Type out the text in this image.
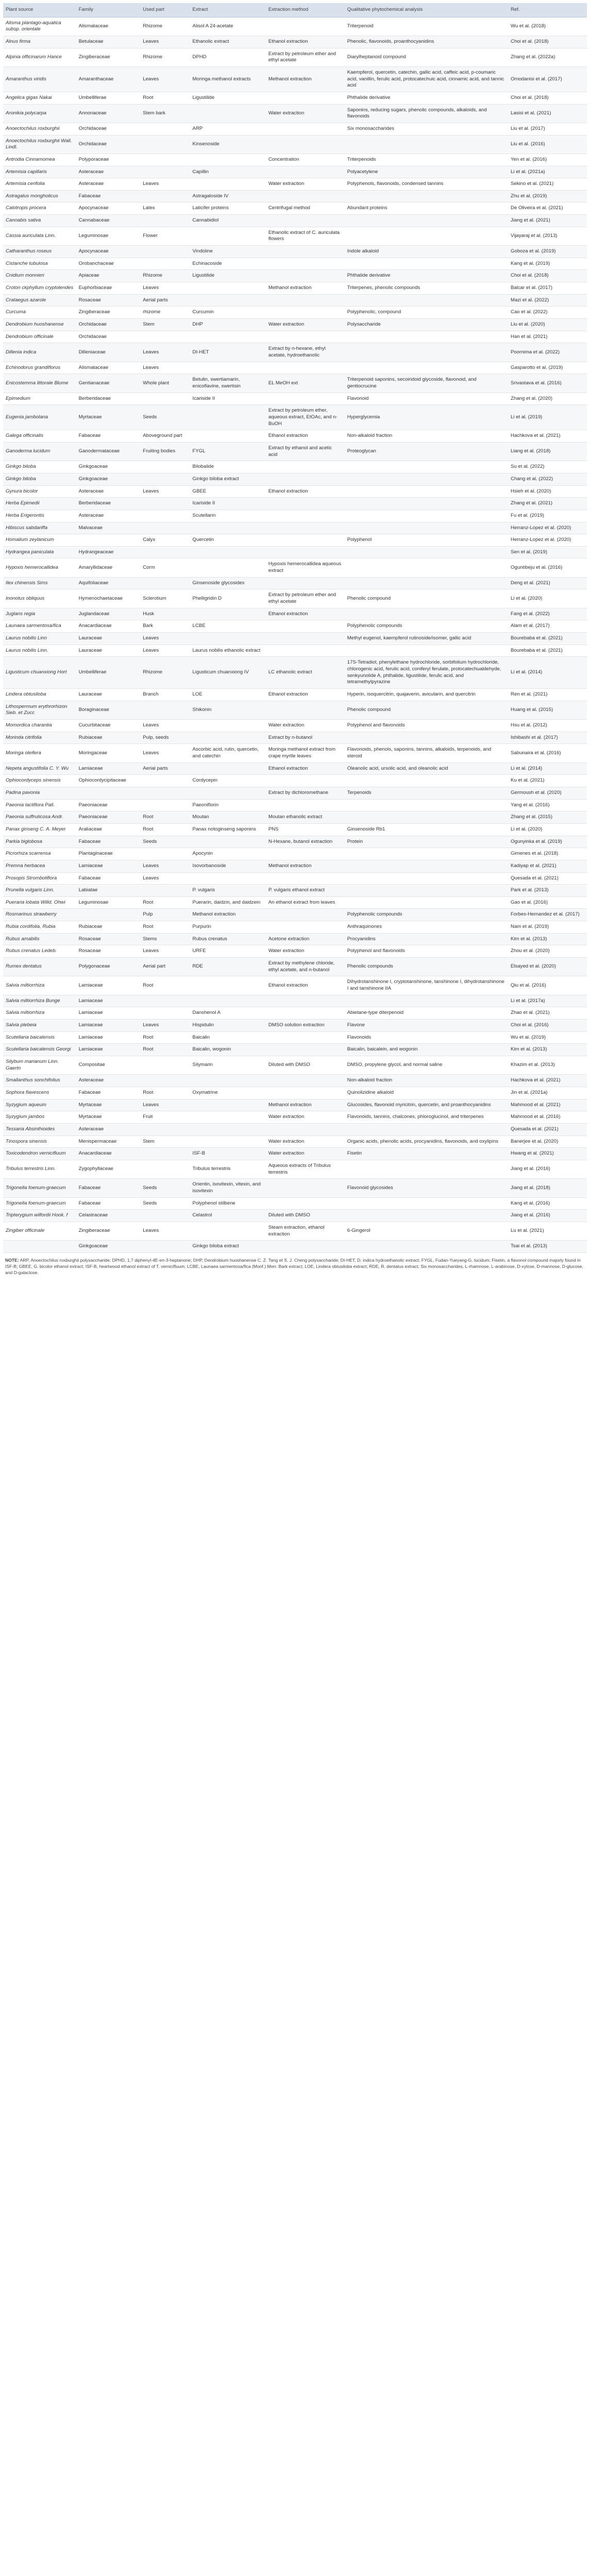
Plant source	Family	Used part	Extract	Extraction method	Qualitative phytochemical analysis	Ref.
Alisma plantago-aquatica subsp. orientale	Alismataceae	Rhizome	Alisol A 24-acetate		Triterpenoid	Wu et al. (2018)
Alnus firma	Betulaceae	Leaves	Ethanolic extract	Ethanol extraction	Phenolic, flavonoids, proanthocyanidins	Choi et al. (2018)
Alpinia officinarum Hance	Zingiberaceae	Rhizome	DPHD	Extract by petroleum ether and ethyl acetate	Diarylheptanoid compound	Zhang et al. (2022a)
Amaranthus viridis	Amaranthaceae	Leaves	Moringa methanol extracts	Methanol extraction	Kaempferol, quercetin, catechin, gallic acid, caffeic acid, p-coumaric acid, vanillin, ferulic acid, protocatechuic acid, cinnamic acid, and tannic acid	Omodanisi et al. (2017)
Angelica gigas Nakai	Umbelliferae	Root	Ligustilide		Phthalide derivative	Choi et al. (2018)
Aronikia polycarpa	Annonaceae	Stem bark		Water extraction	Saponins, reducing sugars, phenolic compounds, alkaloids, and flavonoids	Lasisi et al. (2021)
Anoectochilus roxburghii	Orchidaceae		ARP		Six monosaccharides	Liu et al. (2017)
Anoectochilus roxburghii Wall. Lindl.	Orchidaceae		Kinsenoside			Liu et al. (2016)
Antrodia Cinnamomea	Polyporaceae			Concentration	Triterpenoids	Yen et al. (2016)
Artemisia capillaris	Asteraceae		Capillin		Polyacetylene	Li et al. (2021a)
Artemisia cerifolia	Asteraceae	Leaves		Water extraction	Polyphenols, flavonoids, condensed tannins	Sekino et al. (2021)
Astragalus mongholicus	Fabaceae		Astragaloside IV			Zhu et al. (2019)
Calotropis procera	Apocynaceae	Latex	Laticifer proteins	Centrifugal method	Abundant proteins	De Oliveira et al. (2021)
Cannabis sativa	Cannabaceae		Cannabidiol			Jiang et al. (2021)
Cassia auriculata Linn.	Leguminosae	Flower		Ethanolic extract of C. auriculata flowers		Vijayaraj et al. (2013)
Catharanthus roseus	Apocynaceae		Vindoline		Indole alkaloid	Goboza et al. (2019)
Cistanche tubulosa	Orobanchaceae		Echinacoside			Kang et al. (2019)
Cnidium monnieri	Apiaceae	Rhizome	Ligustilide		Phthalide derivative	Choi et al. (2018)
Croton ckphyllum cryptolendes	Euphorbiaceae	Leaves		Methanol extraction	Triterpenes, phenolic compounds	Balcar et al. (2017)
Crataegus azarole	Rosaceae	Aerial parts				Mazi et al. (2022)
Curcuma	Zingiberaceae	rhizome	Curcumin		Polyphenolic, compound	Cao et al. (2022)
Dendrobium huoshanense	Orchidaceae	Stem	DHP	Water extraction	Polysaccharide	Liu et al. (2020)
Dendrobium officinale	Orchidaceae					Han et al. (2021)
Dillenia indica	Dilleniaceae	Leaves	DI-HET	Extract by n-hexane, ethyl acetate, hydroethanolic		Poornima et al. (2022)
Echinodorus grandiflorus	Alismataceae	Leaves				Gasparotto et al. (2019)
Enicostemma littorale Blume	Gentianaceae	Whole plant	Betulin, swertiamarin, enicoflavine, swertisin	EL MeOH ext	Triterpenoid saponins, secoiridoid glycoside, flavonoid, and gentiocrucine	Srivastava et al. (2016)
Epimedium	Berberidaceae		Icariside II		Flavonoid	Zhang et al. (2020)
Eugenia jambolana	Myrtaceae	Seeds		Extract by petroleum ether, aqueous extract, EtOAc, and n-BuOH	Hyperglycemia	Li et al. (2019)
Galega officinalis	Fabaceae	Aboveground part		Ethanol extraction	Non-alkaloid fraction	Hachkova et al. (2021)
Ganoderma lucidum	Ganodermataceae	Fruiting bodies	FYGL	Extract by ethanol and acetic acid	Proteoglycan	Liang et al. (2018)
Ginkgo biloba	Ginkgoaceae		Bilobalide			Su et al. (2022)
Ginkgo biloba	Ginkgoaceae		Ginkgo biloba extract			Chang et al. (2022)
Gynura bicolor	Asteraceae	Leaves	GBEE	Ethanol extraction		Hsieh et al. (2020)
Herba Epimedii	Berberidaceae		Icariside II			Zhang et al. (2021)
Herba Erigerontis	Asteraceae		Scutellarin			Fu et al. (2019)
Hibiscus sabdariffa	Malvaceae					Herranz-Lopez et al. (2020)
Homalium zeylanicum		Calyx	Quercetin		Polyphenol	Herranz-Lopez et al. (2020)
Hydrangea paniculata	Hydrangeaceae					Sen et al. (2019)
Hypoxis hemerocallidea	Amaryllidaceae	Corm		Hypoxis hemerocallidea aqueous extract		Oguntibeju et al. (2016)
Ilex chinensis Sims	Aquifoliaceae		Ginsenoside glycosides			Deng et al. (2021)
Inonotus obliquus	Hymenochaetaceae	Sclerotium	Phelligridin D	Extract by petroleum ether and ethyl acetate	Phenolic compound	Li et al. (2020)
Juglans regia	Juglandaceae	Husk		Ethanol extraction		Fang et al. (2022)
Launaea sarmentosa/fica	Anacardiaceae	Bark	LCBE		Polyphenolic compounds	Alam et al. (2017)
Laurus nobilis Linn	Lauraceae	Leaves			Methyl eugenol, kaempferol rutinoside/isomer, gallic acid	Bourebaba et al. (2021)
Laurus nobilis Linn.	Lauraceae	Leaves	Laurus nobilis ethanolic extract			Bourebaba et al. (2021)
Ligusticum chuanxiong Hort	Umbelliferae	Rhizome	Ligusticum chuanxiong IV	LC ethanolic extract	17S-Tetradiol, phenylethane hydrochloride, sorbifolium hydrochloride, chlorogenic acid, ferulic acid, coniferyl ferulate, protocatechualdehyde, senkyunolide A, phthalide, ligustilide, ferulic acid, and tetramethylpyrazine	Li et al. (2014)
Lindera obtusiloba	Lauraceae	Branch	LOE	Ethanol extraction	Hyperin, isoquercitrin, quajaverin, avicularin, and quercitrin	Ren et al. (2021)
Lithospermum erythrorhizon Sieb. et Zucc	Boraginaceae		Shikonin		Phenolic compound	Huang et al. (2015)
Momordica charantia	Cucurbitaceae	Leaves		Water extraction	Polyphenol and flavonoids	Hsu et al. (2012)
Morinda citrifolia	Rubiaceae	Pulp, seeds		Extract by n-butanol		Ishibashi et al. (2017)
Moringa oleifera	Moringaceae	Leaves	Ascorbic acid, rutin, quercetin, and catechin	Moringa methanol extract from crape myrtle leaves	Flavonoids, phenols, saponins, tannins, alkaloids, terpenoids, and steroid	Sabunaira et al. (2016)
Nepeta angustifolia C. Y. Wu	Lamiaceae	Aerial parts		Ethanol extraction	Oleanolic acid, ursolic acid, and oleanolic acid	Li et al. (2014)
Ophiocordyceps sinensis	Ophiocordycipitaceae		Cordycepin			Ku et al. (2021)
Padina pavonia				Extract by dichloromethane	Terpenoids	Germoush et al. (2020)
Paeonia lactiflora Pall.	Paeoniaceae		Paeoniflorin			Yang et al. (2016)
Paeonia suffruticosa Andr.	Paeoniaceae	Root	Moutan	Moutan ethanolic extract		Zhang et al. (2015)
Panax ginseng C. A. Meyer	Araliaceae	Root	Panax notoginseng saponins	PNS	Ginsenoside Rb1	Li et al. (2020)
Parkia biglobosa	Fabaceae	Seeds		N-Hexane, butanol extraction	Protein	Ogunyinka et al. (2019)
Picrorhiza scarrensa	Plantaginaceae		Apocynin			Gimenes et al. (2018)
Premna herbacea	Lamiaceae	Leaves	Isovorbanoside	Methanol extraction		Kadiyap et al. (2021)
Prosopis Stromboliflora	Fabaceae	Leaves				Quesada et al. (2021)
Prunella vulgaris Linn.	Labiatae		P. vulgaris	P. vulgaris ethanol extract		Park et al. (2013)
Pueraria lobata Willd. Ohwi	Leguminosae	Root	Puerarin, daidzin, and daidzein	An ethanol extract from leaves		Gao et al. (2016)
Rosmarinus strawberry		Pulp	Methanol extraction		Polyphenolic compounds	Forbes-Hernandez et al. (2017)
Rubia cordifolia, Rubia	Rubiaceae	Root	Purpurin		Anthraquinones	Nam et al. (2019)
Rubus amabilis	Rosaceae	Stems	Rubus crenatus	Acetone extraction	Procyanidins	Kim et al. (2013)
Rubus crenatus Ledeb.	Rosaceae	Leaves	URFE	Water extraction	Polyphenol and flavonoids	Zhou et al. (2020)
Rumex dentatus	Polygonaceae	Aerial part	RDE	Extract by methylene chloride, ethyl acetate, and n-butanol	Phenolic compounds	Elsayed et al. (2020)
Salvia miltiorrhiza	Lamiaceae	Root		Ethanol extraction	Dihydrotanshinone I, cryptotanshinone, tanshinone I, dihydrotanshinone I and tanshinone IIA	Qiu et al. (2016)
Salvia miltiorrhiza Bunge	Lamiaceae					Li et al. (2017a)
Salvia miltiorrhiza	Lamiaceae		Danshenol A		Abietane-type diterpenoid	Zhao et al. (2021)
Salvia plebeia	Lamiaceae	Leaves	Hispidulin	DMSO solution extraction	Flavone	Choi et al. (2016)
Scutellaria baicalensis	Lamiaceae	Root	Baicalin		Flavonoids	Wu et al. (2019)
Scutellaria baicalensis Georgi	Lamiaceae	Root	Baicalin, wogonin		Baicalin, baicalein, and wogonin	Kim et al. (2013)
Silybum marianum Linn. Gaertn	Compositae		Silymarin	Diluted with DMSO	DMSO, propylene glycol, and normal saline	Khazim et al. (2013)
Smallanthus sonchifolius	Asteraceae				Non-alkaloid fraction	Hachkova et al. (2021)
Sophora flavescens	Fabaceae	Root	Oxymatrine		Quinolizidine alkaloid	Jin et al. (2021a)
Syzygium aqueum	Myrtaceae	Leaves		Methanol extraction	Glucosides, flavonoid myricitrin, quercetin, and proanthocyanidins	Mahmood et al. (2021)
Syzygium jambos	Myrtaceae	Fruit		Water extraction	Flavonoids, tannins, chalcones, phloroglucinol, and triterpenes	Mahmood et al. (2016)
Tessaria Absinthioides	Asteraceae					Quesada et al. (2021)
Tinospora sinensis	Menispermaceae	Stem		Water extraction	Organic acids, phenolic acids, procyanidins, flavonoids, and oxylipins	Banerjee et al. (2020)
Toxicodendron vernicifluum	Anacardiaceae		ISF-B	Water extraction	Fisetin	Hwang et al. (2021)
Tribulus terrestris Linn.	Zygophyllaceae		Tribulus terrestris	Aqueous extracts of Tribulus terrestris		Jiang et al. (2016)
Trigonella foenum-graecum	Fabaceae	Seeds	Orientin, isovitexin, vitexin, and isovitexin		Flavonoid glycosides	Jiang et al. (2018)
Trigonella foenum-graecum	Fabaceae	Seeds	Polyphenol stilbene			Kang et al. (2016)
Tripterygium wilfordii Hook. f	Celastraceae		Celastrol	Diluted with DMSO		Jiang et al. (2016)
Zingiber officinale	Zingiberaceae	Leaves		Steam extraction, ethanol extraction	6-Gingerol	Lu et al. (2021)
	Ginkgoaceae		Ginkgo biloba extract			Tsai et al. (2013)
NOTE: ARP, Anoectochilus roxburghii polysaccharide; DPHD, 1,7 diphenyl-4E-en-3-heptanone; DHP, Dendrobium huoshanense C. Z. Tang et S. J. Cheng polysaccharide; DI-HET, D. indica hydroethanolic extract; FYGL, Fudan-Yueyang-G. lucidum; Fisetin, a flavonol compound majorly found in ISF-B; GBEE, G. bicolor ethanol extract; ISF-B, heartwood ethanol extract of T. vernicifluum; LCBE, Launaea sarmentosa/fica (Monf.) Merr. Bark extract; LOE, Lindera obtusiloba extract; RDE, R. dentatus extract; Six monosaccharides, L-rhamnose, L-arabinose, D-xylose, D-mannose, D-glucose, and D-galactose.
